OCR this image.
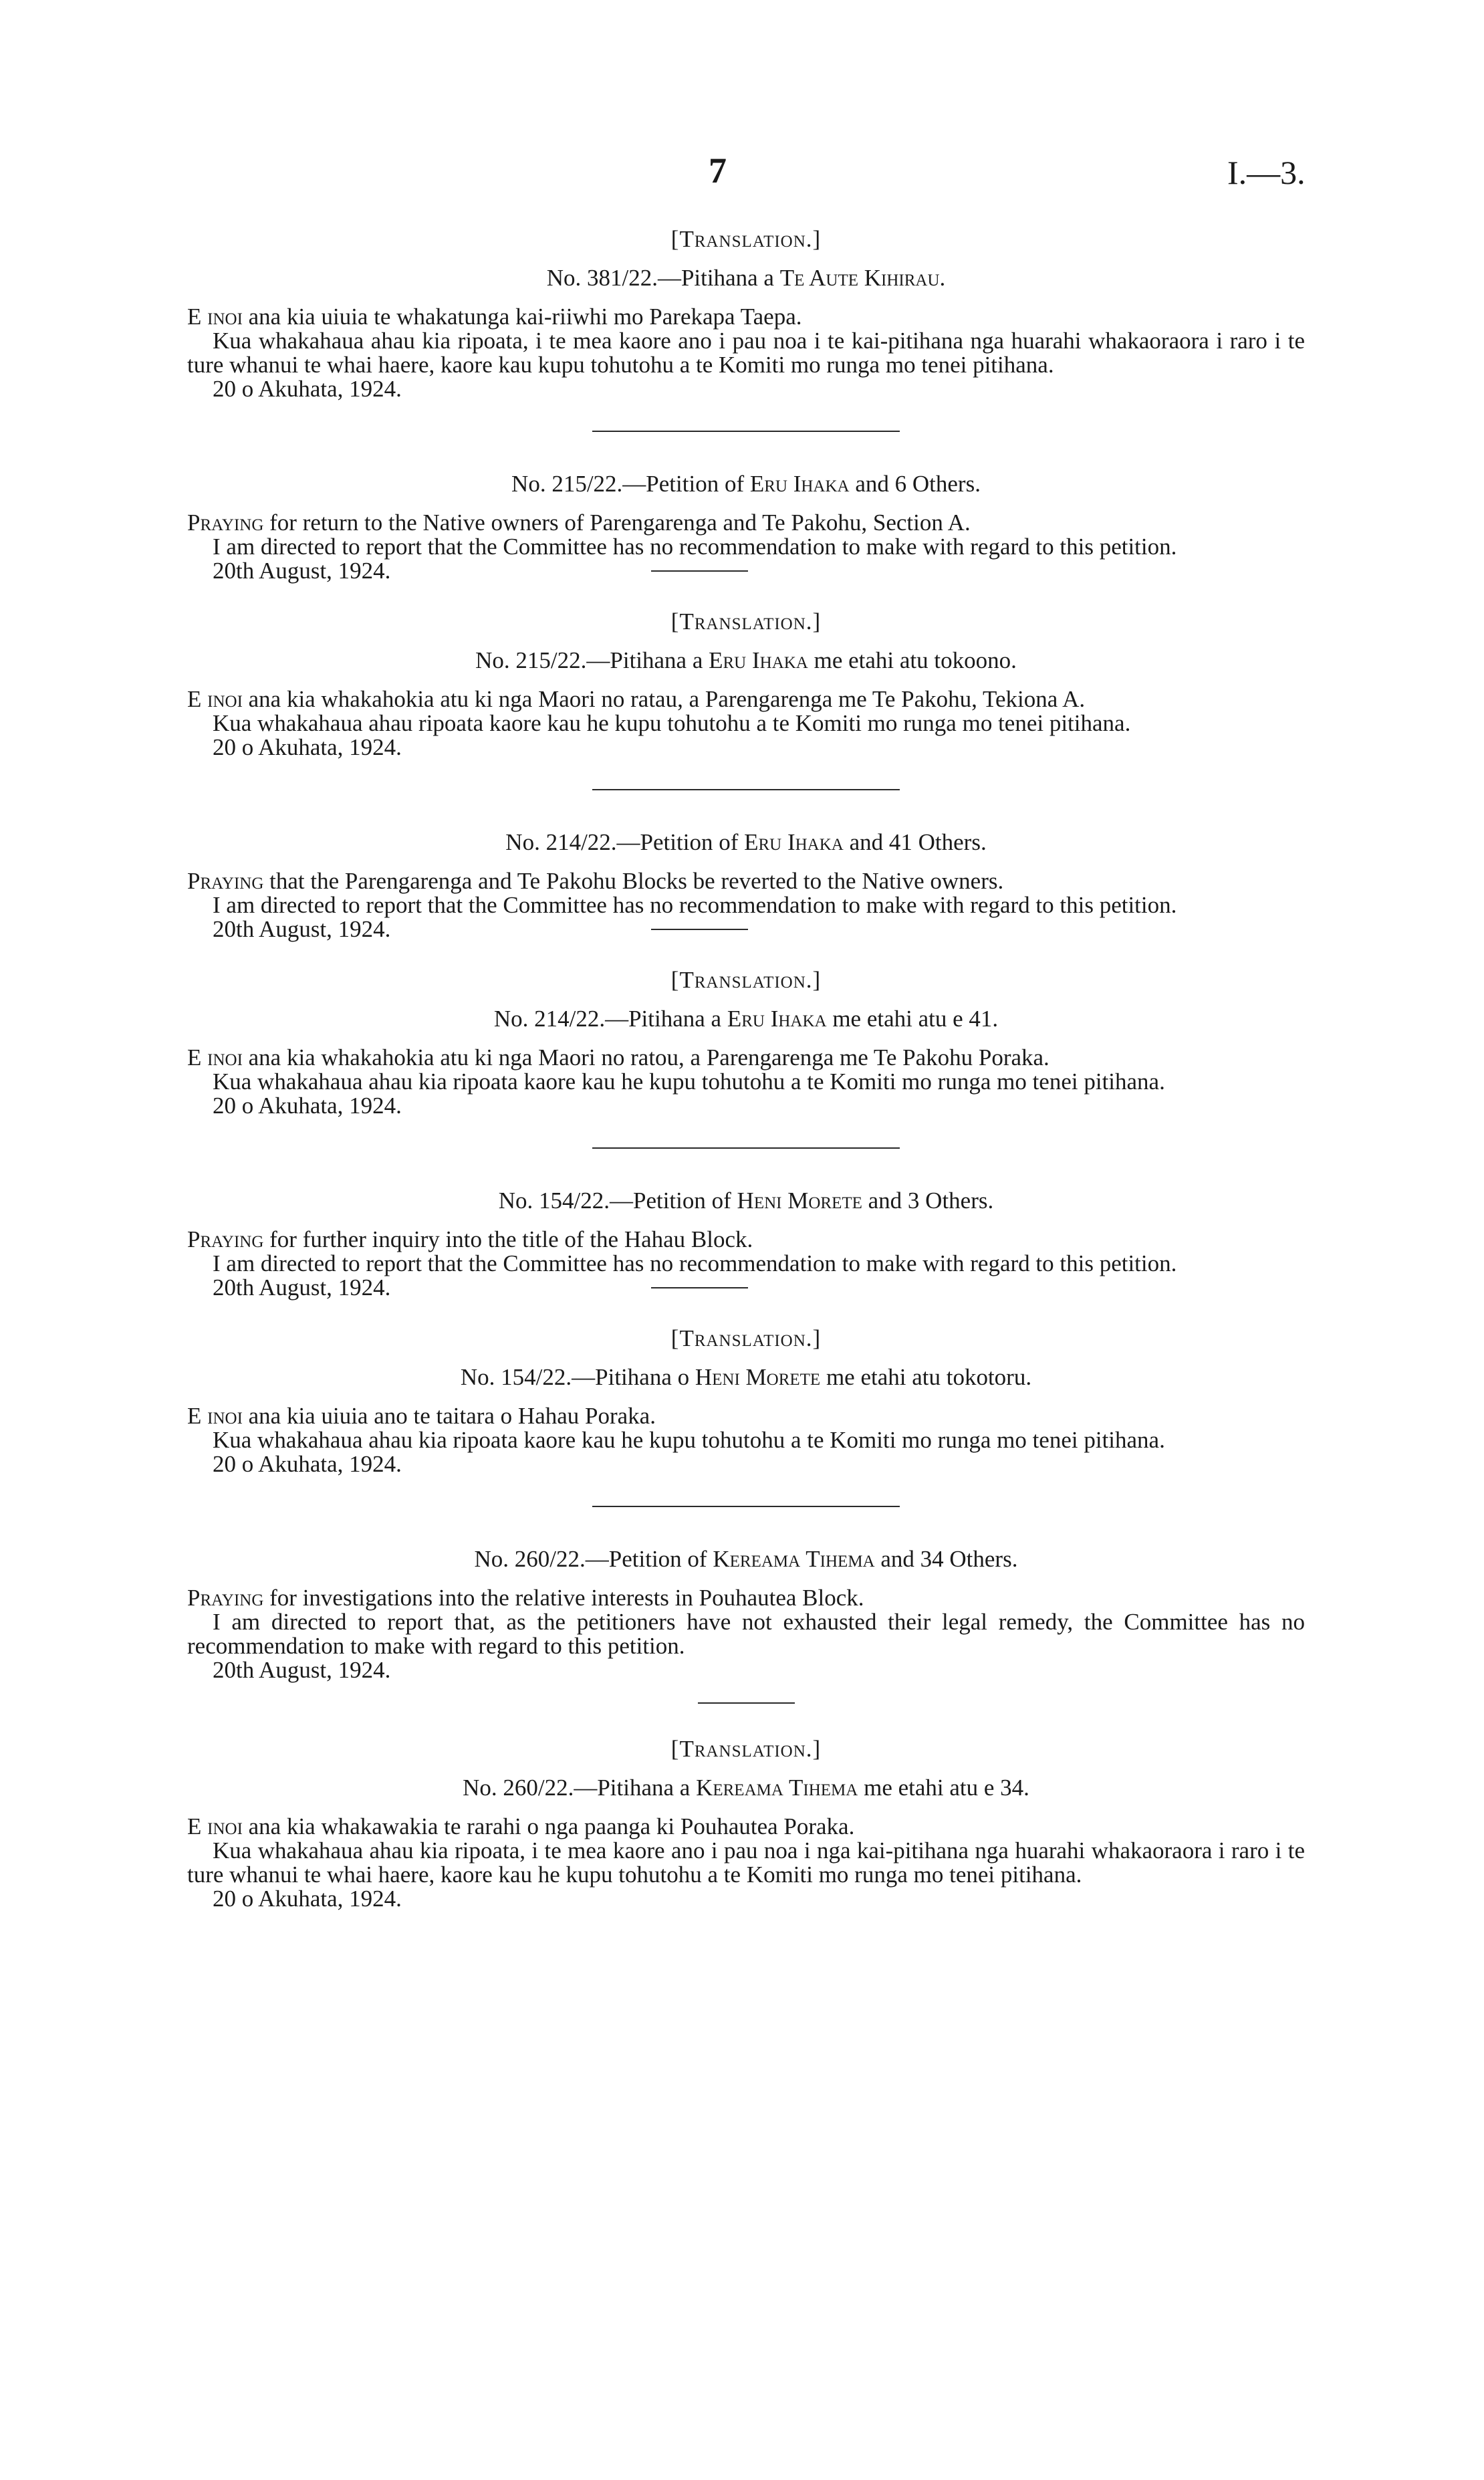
7	I.—3.

[Translation.]

No. 381/22.—Pitihana a Te Aute Kihirau.

E inoi ana kia uiuia te whakatunga kai-riiwhi mo Parekapa Taepa.

Kua whakahaua ahau kia ripoata, i te mea kaore ano i pau noa i te kai-pitihana nga huarahi whakaoraora i raro i te ture whanui te whai haere, kaore kau kupu tohutohu a te Komiti mo runga mo tenei pitihana.

20 o Akuhata, 1924.

No. 215/22.—Petition of Eru Ihaka and 6 Others.

Praying for return to the Native owners of Parengarenga and Te Pakohu, Section A.

I am directed to report that the Committee has no recommendation to make with regard to this petition.

20th August, 1924.

[Translation.]

No. 215/22.—Pitihana a Eru Ihaka me etahi atu tokoono.

E inoi ana kia whakahokia atu ki nga Maori no ratau, a Parengarenga me Te Pakohu, Tekiona A.

Kua whakahaua ahau ripoata kaore kau he kupu tohutohu a te Komiti mo runga mo tenei pitihana.

20 o Akuhata, 1924.

No. 214/22.—Petition of Eru Ihaka and 41 Others.

Praying that the Parengarenga and Te Pakohu Blocks be reverted to the Native owners.

I am directed to report that the Committee has no recommendation to make with regard to this petition.

20th August, 1924.

[Translation.]

No. 214/22.—Pitihana a Eru Ihaka me etahi atu e 41.

E inoi ana kia whakahokia atu ki nga Maori no ratou, a Parengarenga me Te Pakohu Poraka.

Kua whakahaua ahau kia ripoata kaore kau he kupu tohutohu a te Komiti mo runga mo tenei pitihana.

20 o Akuhata, 1924.

No. 154/22.—Petition of Heni Morete and 3 Others.

Praying for further inquiry into the title of the Hahau Block.

I am directed to report that the Committee has no recommendation to make with regard to this petition.

20th August, 1924.

[Translation.]

No. 154/22.—Pitihana o Heni Morete me etahi atu tokotoru.

E inoi ana kia uiuia ano te taitara o Hahau Poraka.

Kua whakahaua ahau kia ripoata kaore kau he kupu tohutohu a te Komiti mo runga mo tenei pitihana.

20 o Akuhata, 1924.

No. 260/22.—Petition of Kereama Tihema and 34 Others.

Praying for investigations into the relative interests in Pouhautea Block.

I am directed to report that, as the petitioners have not exhausted their legal remedy, the Committee has no recommendation to make with regard to this petition.

20th August, 1924.

[Translation.]

No. 260/22.—Pitihana a Kereama Tihema me etahi atu e 34.

E inoi ana kia whakawakia te rarahi o nga paanga ki Pouhautea Poraka.

Kua whakahaua ahau kia ripoata, i te mea kaore ano i pau noa i nga kai-pitihana nga huarahi whakaoraora i raro i te ture whanui te whai haere, kaore kau he kupu tohutohu a te Komiti mo runga mo tenei pitihana.

20 o Akuhata, 1924.
